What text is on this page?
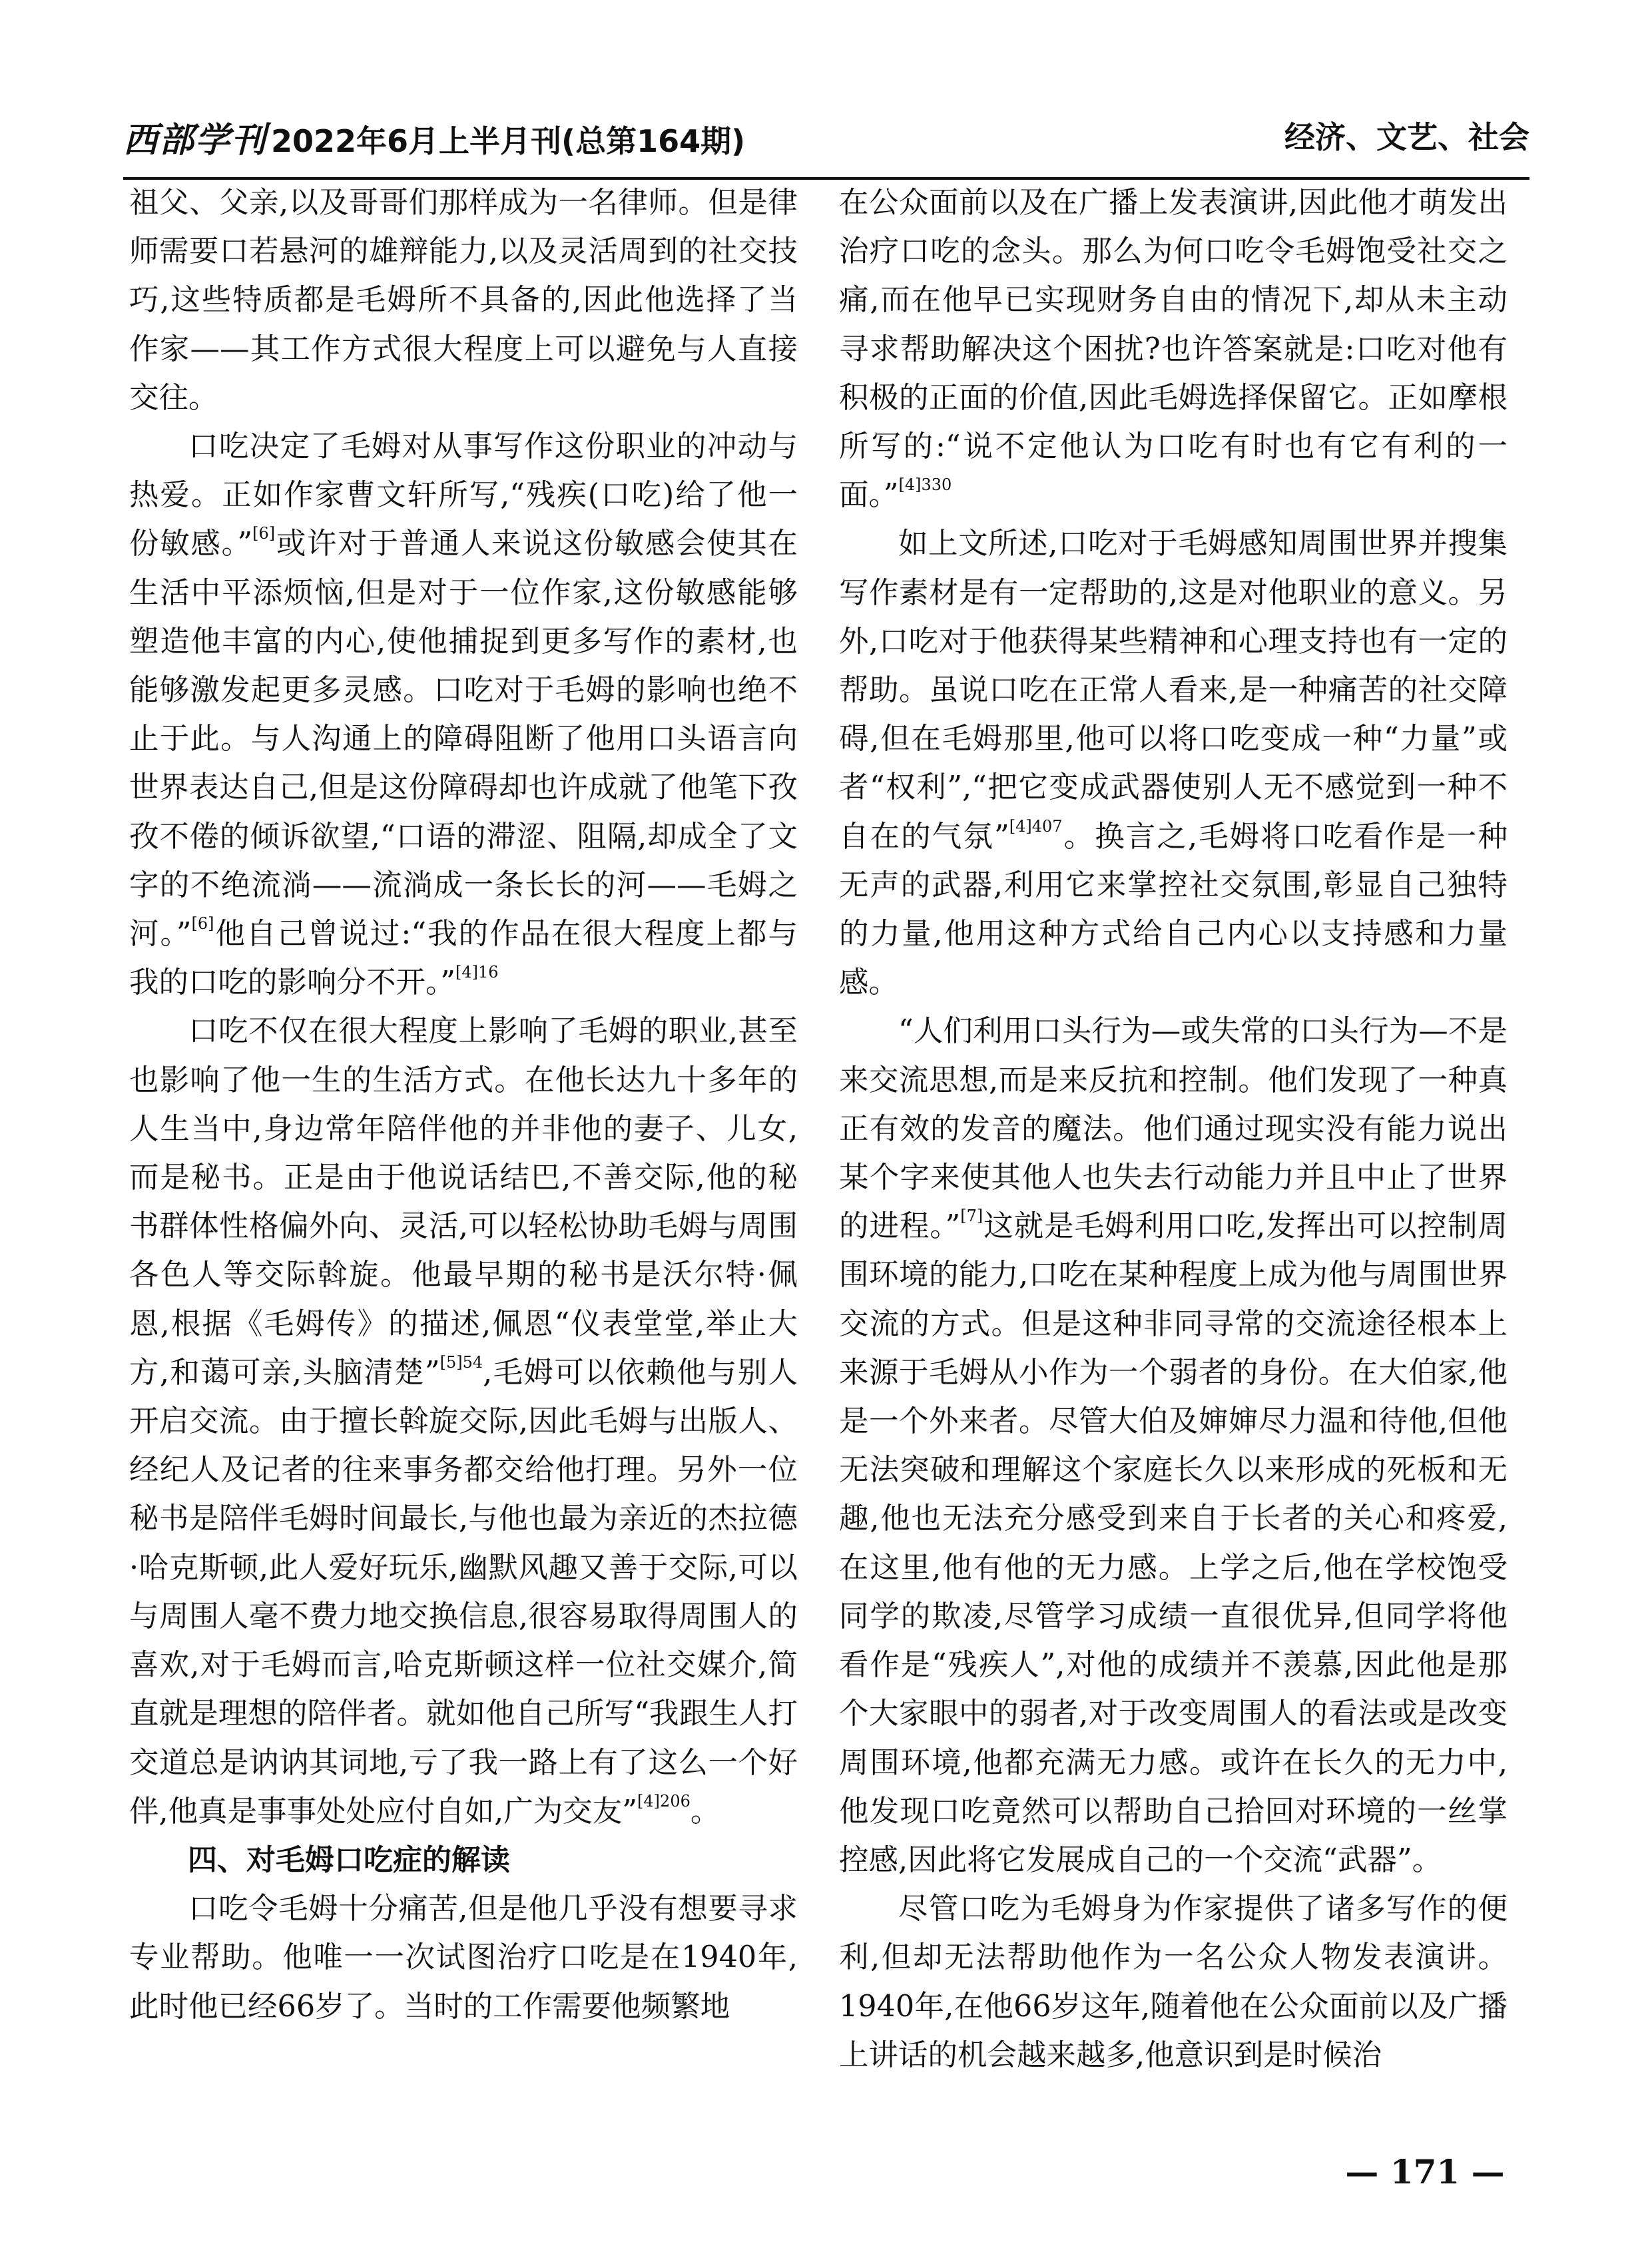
西部学刊 2022年6月上半月刊(总第164期)	经济、文艺、社会

祖父、父亲,以及哥哥们那样成为一名律师。但是律师需要口若悬河的雄辩能力,以及灵活周到的社交技巧,这些特质都是毛姆所不具备的,因此他选择了当作家——其工作方式很大程度上可以避免与人直接交往。

口吃决定了毛姆对从事写作这份职业的冲动与热爱。正如作家曹文轩所写,“残疾(口吃)给了他一份敏感。”[6]或许对于普通人来说这份敏感会使其在生活中平添烦恼,但是对于一位作家,这份敏感能够塑造他丰富的内心,使他捕捉到更多写作的素材,也能够激发起更多灵感。口吃对于毛姆的影响也绝不止于此。与人沟通上的障碍阻断了他用口头语言向世界表达自己,但是这份障碍却也许成就了他笔下孜孜不倦的倾诉欲望,“口语的滞涩、阻隔,却成全了文字的不绝流淌——流淌成一条长长的河——毛姆之河。”[6]他自己曾说过:“我的作品在很大程度上都与我的口吃的影响分不开。”$^{[4]16}$

口吃不仅在很大程度上影响了毛姆的职业,甚至也影响了他一生的生活方式。在他长达九十多年的人生当中,身边常年陪伴他的并非他的妻子、儿女,而是秘书。正是由于他说话结巴,不善交际,他的秘书群体性格偏外向、灵活,可以轻松协助毛姆与周围各色人等交际斡旋。他最早期的秘书是沃尔特·佩恩,根据《毛姆传》的描述,佩恩“仪表堂堂,举止大方,和蔼可亲,头脑清楚”$^{[5]54}$,毛姆可以依赖他与别人开启交流。由于擅长斡旋交际,因此毛姆与出版人、经纪人及记者的往来事务都交给他打理。另外一位秘书是陪伴毛姆时间最长,与他也最为亲近的杰拉德·哈克斯顿,此人爱好玩乐,幽默风趣又善于交际,可以与周围人毫不费力地交换信息,很容易取得周围人的喜欢,对于毛姆而言,哈克斯顿这样一位社交媒介,简直就是理想的陪伴者。就如他自己所写“我跟生人打交道总是讷讷其词地,亏了我一路上有了这么一个好伴,他真是事事处处应付自如,广为交友”$^{[4]206}$。

四、对毛姆口吃症的解读

口吃令毛姆十分痛苦,但是他几乎没有想要寻求专业帮助。他唯一一次试图治疗口吃是在1940年,此时他已经66岁了。当时的工作需要他频繁地

在公众面前以及在广播上发表演讲,因此他才萌发出治疗口吃的念头。那么为何口吃令毛姆饱受社交之痛,而在他早已实现财务自由的情况下,却从未主动寻求帮助解决这个困扰?也许答案就是:口吃对他有积极的正面的价值,因此毛姆选择保留它。正如摩根所写的:“说不定他认为口吃有时也有它有利的一面。”$^{[4]330}$

如上文所述,口吃对于毛姆感知周围世界并搜集写作素材是有一定帮助的,这是对他职业的意义。另外,口吃对于他获得某些精神和心理支持也有一定的帮助。虽说口吃在正常人看来,是一种痛苦的社交障碍,但在毛姆那里,他可以将口吃变成一种“力量”或者“权利”,“把它变成武器使别人无不感觉到一种不自在的气氛”$^{[4]407}$。换言之,毛姆将口吃看作是一种无声的武器,利用它来掌控社交氛围,彰显自己独特的力量,他用这种方式给自己内心以支持感和力量感。

“人们利用口头行为—或失常的口头行为—不是来交流思想,而是来反抗和控制。他们发现了一种真正有效的发音的魔法。他们通过现实没有能力说出某个字来使其他人也失去行动能力并且中止了世界的进程。”[7]这就是毛姆利用口吃,发挥出可以控制周围环境的能力,口吃在某种程度上成为他与周围世界交流的方式。但是这种非同寻常的交流途径根本上来源于毛姆从小作为一个弱者的身份。在大伯家,他是一个外来者。尽管大伯及婶婶尽力温和待他,但他无法突破和理解这个家庭长久以来形成的死板和无趣,他也无法充分感受到来自于长者的关心和疼爱,在这里,他有他的无力感。上学之后,他在学校饱受同学的欺凌,尽管学习成绩一直很优异,但同学将他看作是“残疾人”,对他的成绩并不羡慕,因此他是那个大家眼中的弱者,对于改变周围人的看法或是改变周围环境,他都充满无力感。或许在长久的无力中,他发现口吃竟然可以帮助自己拾回对环境的一丝掌控感,因此将它发展成自己的一个交流“武器”。

尽管口吃为毛姆身为作家提供了诸多写作的便利,但却无法帮助他作为一名公众人物发表演讲。1940年,在他66岁这年,随着他在公众面前以及广播上讲话的机会越来越多,他意识到是时候治

— 171 —
